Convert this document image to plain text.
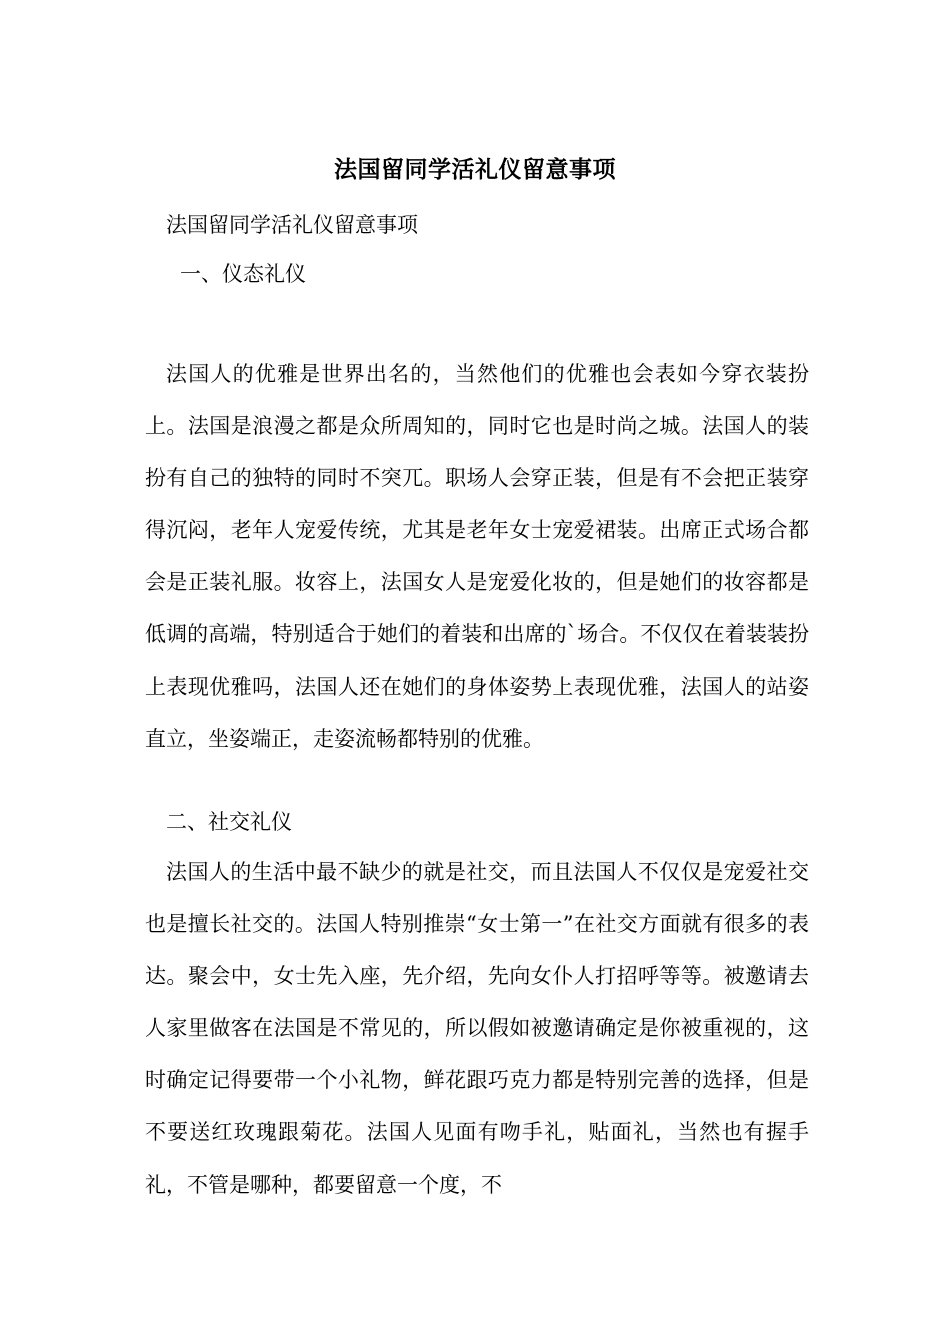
法国留同学活礼仪留意事项
法国留同学活礼仪留意事项
一、仪态礼仪
法国人的优雅是世界出名的，当然他们的优雅也会表如今穿衣装扮上。法国是浪漫之都是众所周知的，同时它也是时尚之城。法国人的装扮有自己的独特的同时不突兀。职场人会穿正装，但是有不会把正装穿得沉闷，老年人宠爱传统，尤其是老年女士宠爱裙装。出席正式场合都会是正装礼服。妆容上，法国女人是宠爱化妆的，但是她们的妆容都是低调的高端，特别适合于她们的着装和出席的`场合。不仅仅在着装装扮上表现优雅吗，法国人还在她们的身体姿势上表现优雅，法国人的站姿直立，坐姿端正，走姿流畅都特别的优雅。
二、社交礼仪
法国人的生活中最不缺少的就是社交，而且法国人不仅仅是宠爱社交也是擅长社交的。法国人特别推崇“女士第一”在社交方面就有很多的表达。聚会中，女士先入座，先介绍，先向女仆人打招呼等等。被邀请去人家里做客在法国是不常见的，所以假如被邀请确定是你被重视的，这时确定记得要带一个小礼物，鲜花跟巧克力都是特别完善的选择，但是不要送红玫瑰跟菊花。法国人见面有吻手礼，贴面礼，当然也有握手礼，不管是哪种，都要留意一个度，不
